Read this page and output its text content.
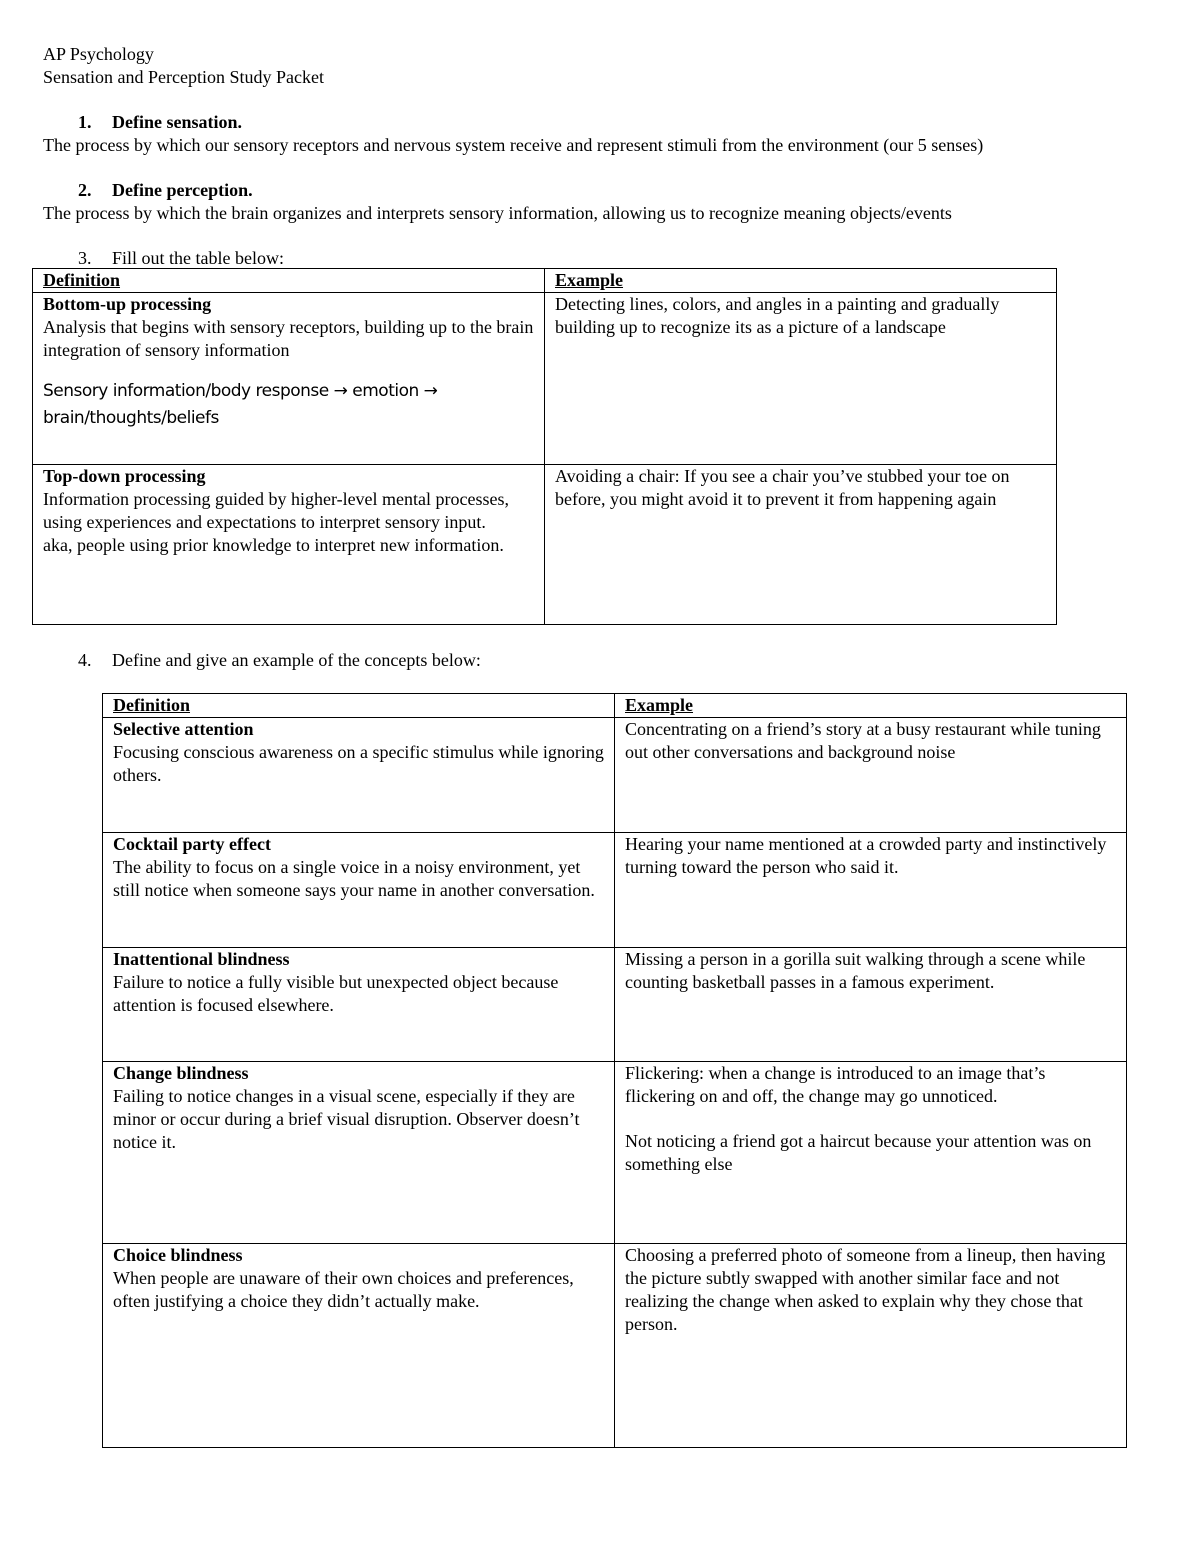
AP Psychology
Sensation and Perception Study Packet
1. Define sensation.
The process by which our sensory receptors and nervous system receive and represent stimuli from the environment (our 5 senses)
2. Define perception.
The process by which the brain organizes and interprets sensory information, allowing us to recognize meaning objects/events
3. Fill out the table below:
Definition	Example

Bottom-up processing
Analysis that begins with sensory receptors, building up to the brain integration of sensory information
Sensory information/body response → emotion → brain/thoughts/beliefs	Detecting lines, colors, and angles in a painting and gradually building up to recognize its as a picture of a landscape

Top-down processing
Information processing guided by higher-level mental processes, using experiences and expectations to interpret sensory input.
aka, people using prior knowledge to interpret new information.	Avoiding a chair: If you see a chair you’ve stubbed your toe on before, you might avoid it to prevent it from happening again
4. Define and give an example of the concepts below:
Definition	Example

Selective attention
Focusing conscious awareness on a specific stimulus while ignoring others.	Concentrating on a friend’s story at a busy restaurant while tuning out other conversations and background noise

Cocktail party effect
The ability to focus on a single voice in a noisy environment, yet still notice when someone says your name in another conversation.	Hearing your name mentioned at a crowded party and instinctively turning toward the person who said it.

Inattentional blindness
Failure to notice a fully visible but unexpected object because attention is focused elsewhere.	Missing a person in a gorilla suit walking through a scene while counting basketball passes in a famous experiment.

Change blindness
Failing to notice changes in a visual scene, especially if they are minor or occur during a brief visual disruption. Observer doesn’t notice it.	Flickering: when a change is introduced to an image that’s flickering on and off, the change may go unnoticed.
Not noticing a friend got a haircut because your attention was on something else

Choice blindness
When people are unaware of their own choices and preferences, often justifying a choice they didn’t actually make.	Choosing a preferred photo of someone from a lineup, then having the picture subtly swapped with another similar face and not realizing the change when asked to explain why they chose that person.
